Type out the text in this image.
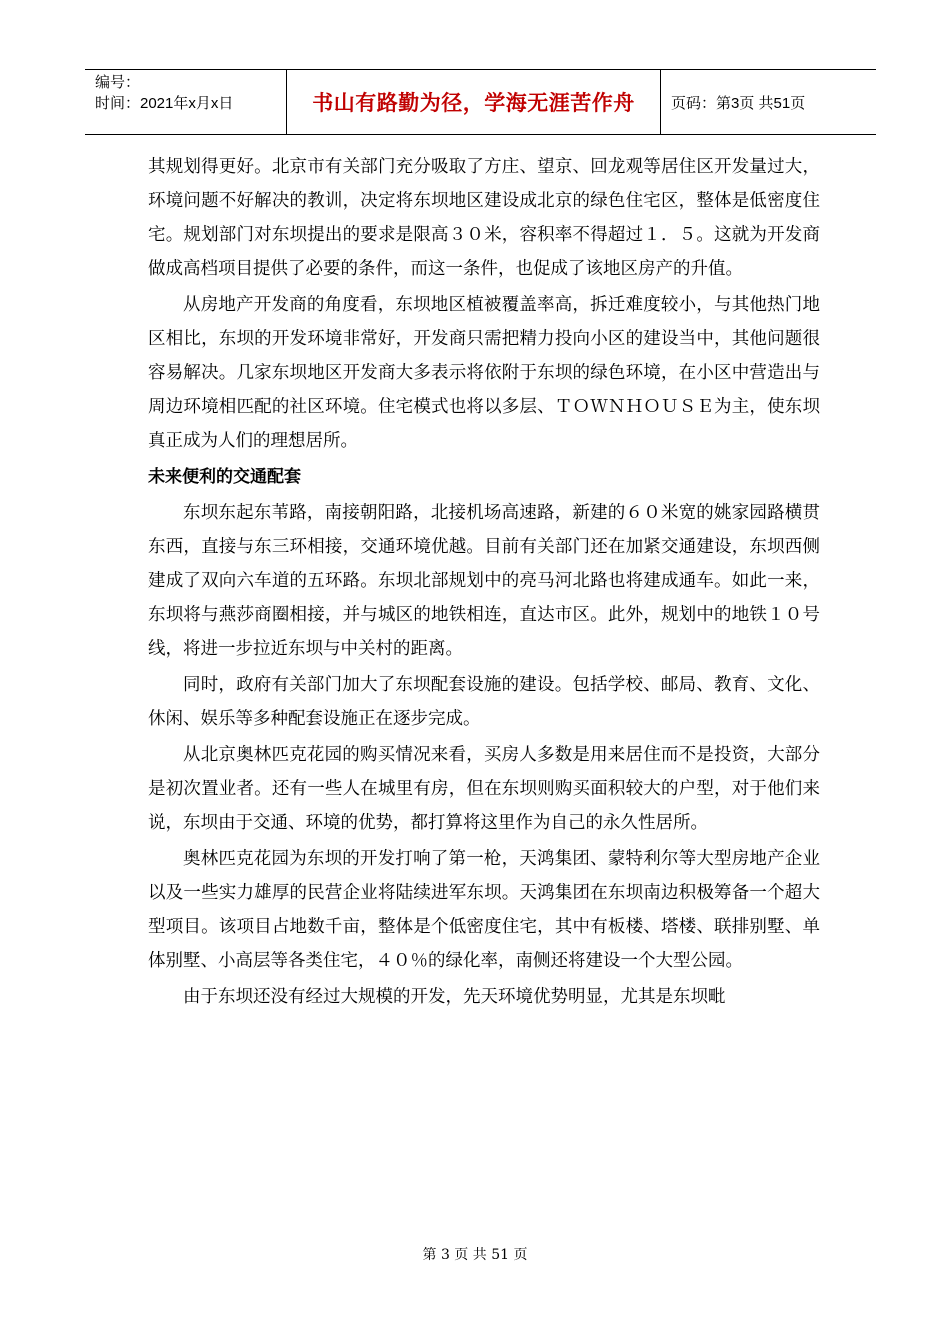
编号：
时间：2021年x月x日	书山有路勤为径，学海无涯苦作舟	页码：第3页 共51页

其规划得更好。北京市有关部门充分吸取了方庄、望京、回龙观等居住区开发量过大，环境问题不好解决的教训，决定将东坝地区建设成北京的绿色住宅区，整体是低密度住宅。规划部门对东坝提出的要求是限高３０米，容积率不得超过１．５。这就为开发商做成高档项目提供了必要的条件，而这一条件，也促成了该地区房产的升值。

从房地产开发商的角度看，东坝地区植被覆盖率高，拆迁难度较小，与其他热门地区相比，东坝的开发环境非常好，开发商只需把精力投向小区的建设当中，其他问题很容易解决。几家东坝地区开发商大多表示将依附于东坝的绿色环境，在小区中营造出与周边环境相匹配的社区环境。住宅模式也将以多层、ＴＯＷＮＨＯＵＳＥ为主，使东坝真正成为人们的理想居所。

未来便利的交通配套

东坝东起东苇路，南接朝阳路，北接机场高速路，新建的６０米宽的姚家园路横贯东西，直接与东三环相接，交通环境优越。目前有关部门还在加紧交通建设，东坝西侧建成了双向六车道的五环路。东坝北部规划中的亮马河北路也将建成通车。如此一来，东坝将与燕莎商圈相接，并与城区的地铁相连，直达市区。此外，规划中的地铁１０号线，将进一步拉近东坝与中关村的距离。

同时，政府有关部门加大了东坝配套设施的建设。包括学校、邮局、教育、文化、休闲、娱乐等多种配套设施正在逐步完成。

从北京奥林匹克花园的购买情况来看，买房人多数是用来居住而不是投资，大部分是初次置业者。还有一些人在城里有房，但在东坝则购买面积较大的户型，对于他们来说，东坝由于交通、环境的优势，都打算将这里作为自己的永久性居所。

奥林匹克花园为东坝的开发打响了第一枪，天鸿集团、蒙特利尔等大型房地产企业以及一些实力雄厚的民营企业将陆续进军东坝。天鸿集团在东坝南边积极筹备一个超大型项目。该项目占地数千亩，整体是个低密度住宅，其中有板楼、塔楼、联排别墅、单体别墅、小高层等各类住宅，４０％的绿化率，南侧还将建设一个大型公园。

由于东坝还没有经过大规模的开发，先天环境优势明显，尤其是东坝毗

第 3 页 共 51 页
